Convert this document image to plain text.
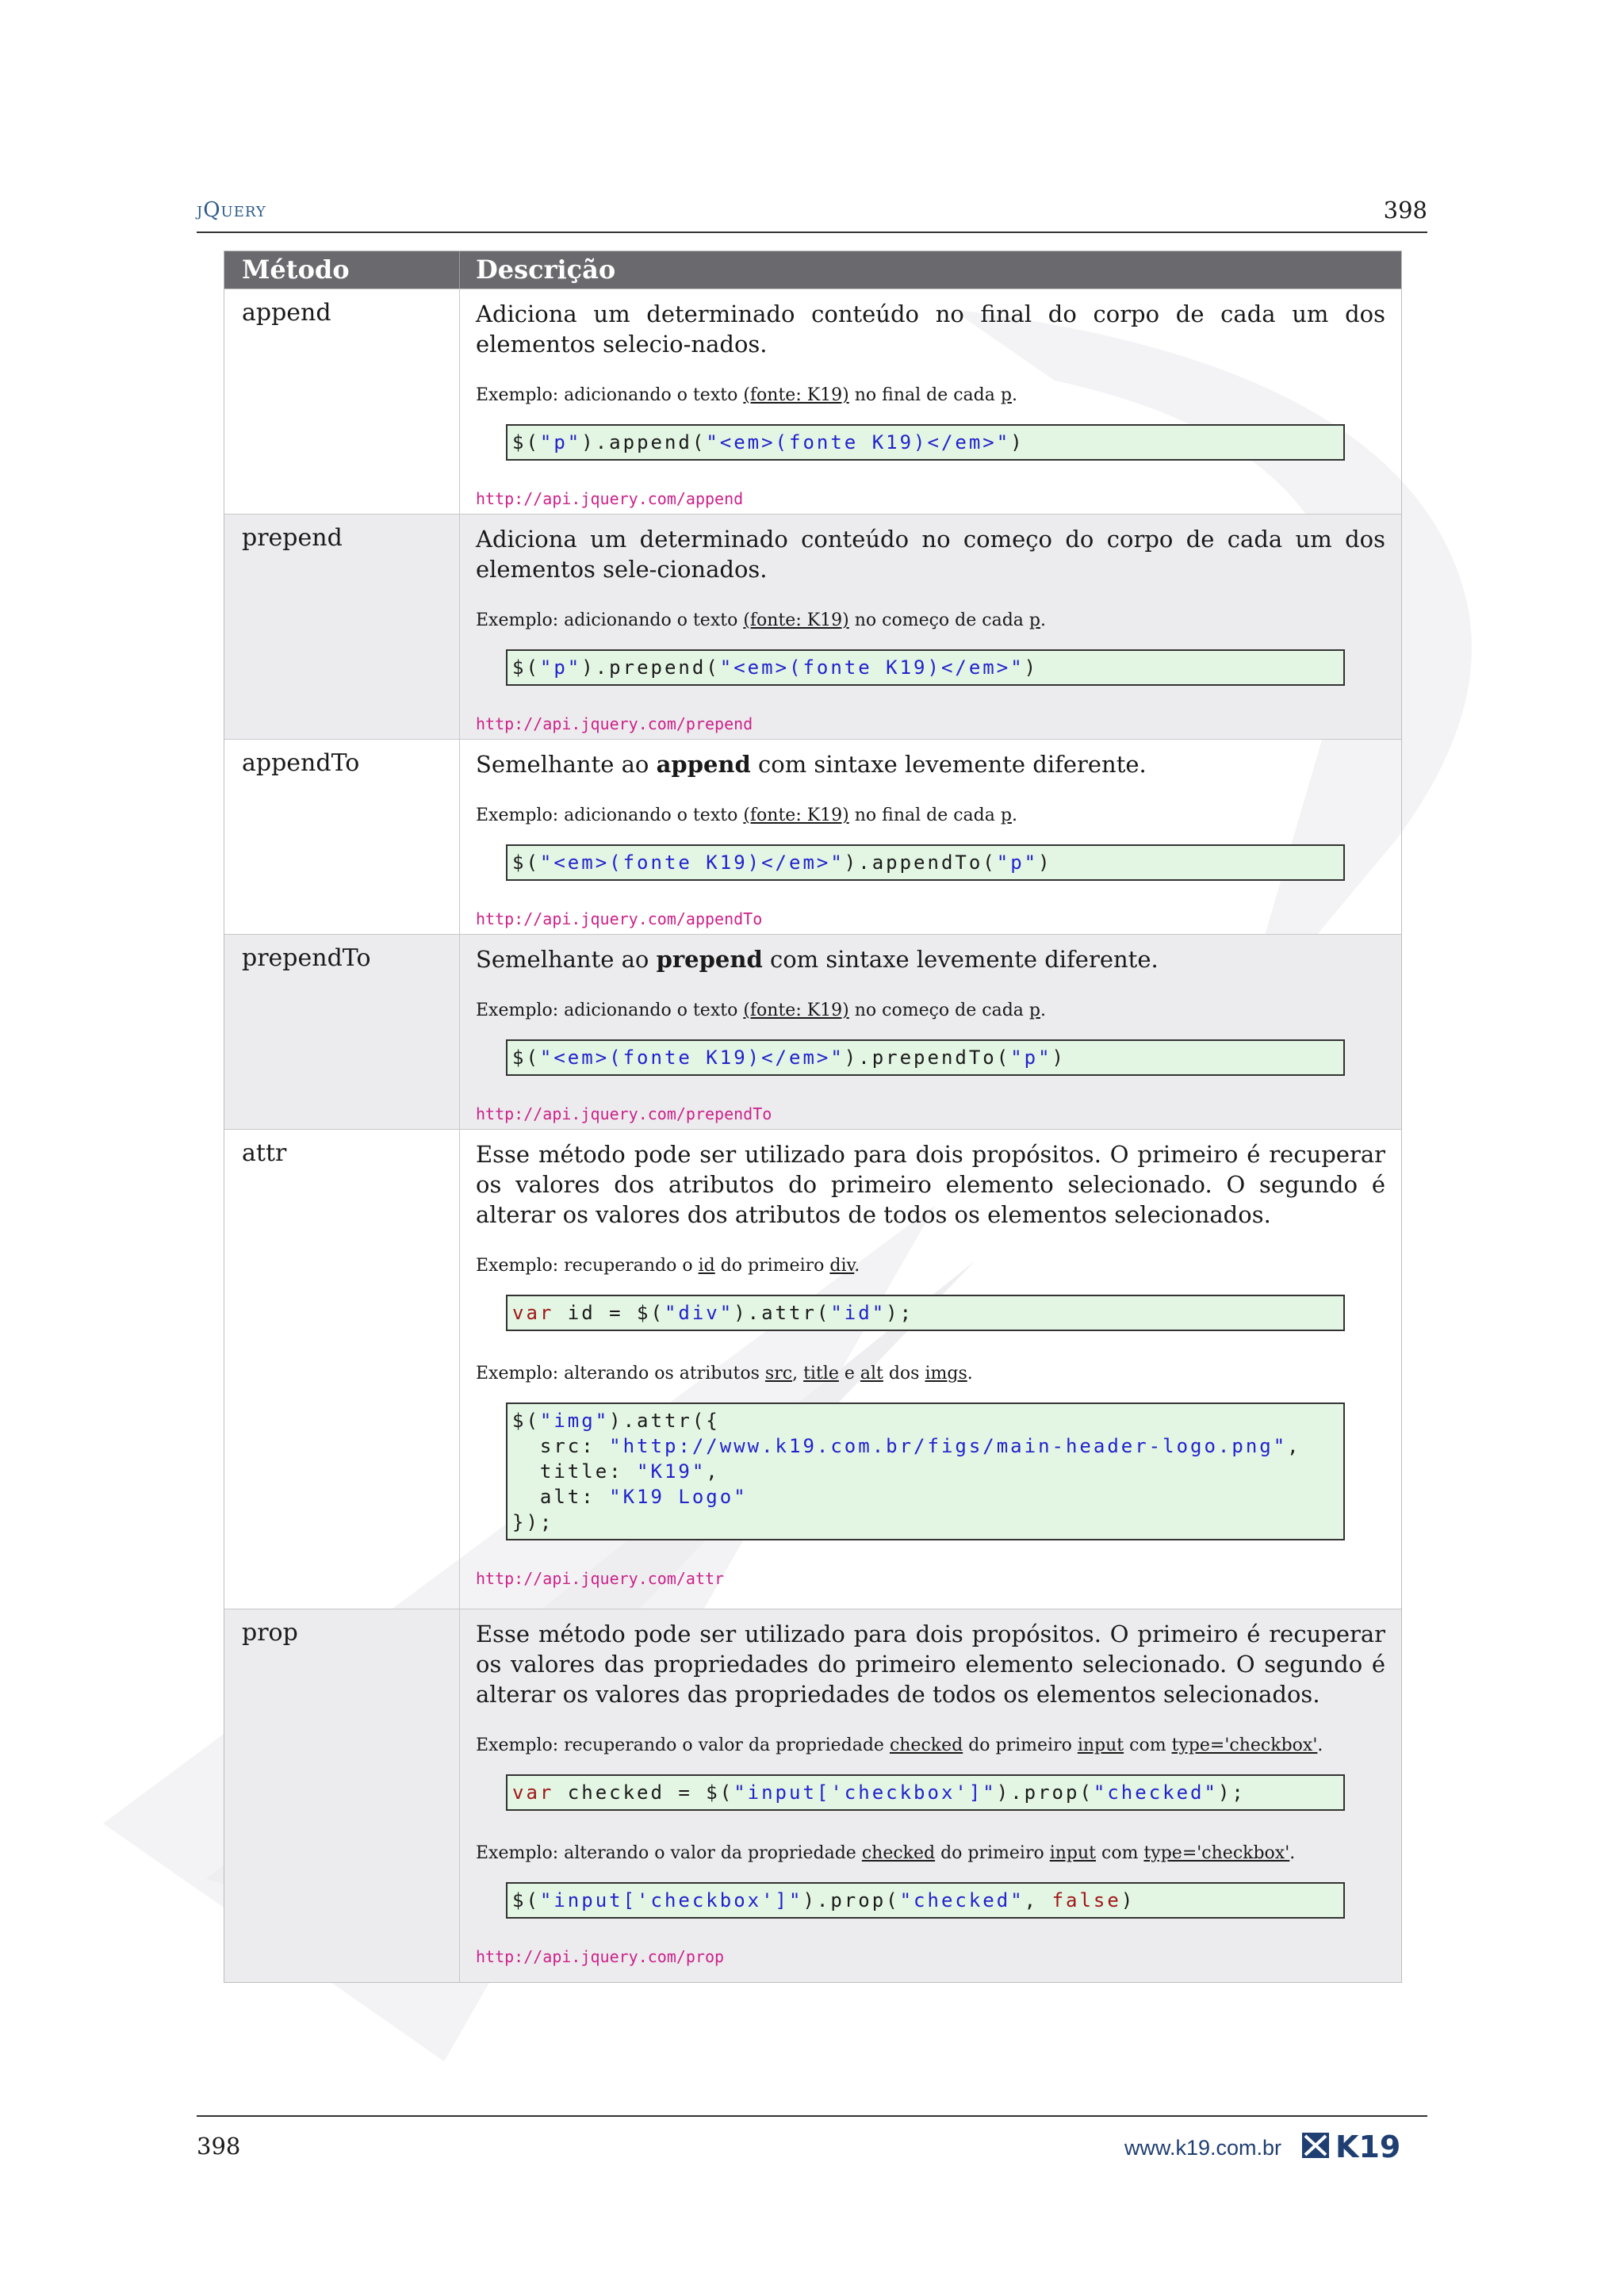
jQuery	398
Método	Descrição
append	Adiciona um determinado conteúdo no final do corpo de cada um dos elementos selecio-nados.
Exemplo: adicionando o texto (fonte: K19) no final de cada p.
$("p").append("<em>(fonte K19)</em>")
http://api.jquery.com/append
prepend	Adiciona um determinado conteúdo no começo do corpo de cada um dos elementos sele-cionados.
Exemplo: adicionando o texto (fonte: K19) no começo de cada p.
$("p").prepend("<em>(fonte K19)</em>")
http://api.jquery.com/prepend
appendTo	Semelhante ao append com sintaxe levemente diferente.
Exemplo: adicionando o texto (fonte: K19) no final de cada p.
$("<em>(fonte K19)</em>").appendTo("p")
http://api.jquery.com/appendTo
prependTo	Semelhante ao prepend com sintaxe levemente diferente.
Exemplo: adicionando o texto (fonte: K19) no começo de cada p.
$("<em>(fonte K19)</em>").prependTo("p")
http://api.jquery.com/prependTo
attr	Esse método pode ser utilizado para dois propósitos. O primeiro é recuperar os valores dos atributos do primeiro elemento selecionado. O segundo é alterar os valores dos atributos de todos os elementos selecionados.
Exemplo: recuperando o id do primeiro div.
var id = $("div").attr("id");
Exemplo: alterando os atributos src, title e alt dos imgs.
$("img").attr({
src: "http://www.k19.com.br/figs/main-header-logo.png",
title: "K19",
alt: "K19 Logo"
});
http://api.jquery.com/attr
prop	Esse método pode ser utilizado para dois propósitos. O primeiro é recuperar os valores das propriedades do primeiro elemento selecionado. O segundo é alterar os valores das propriedades de todos os elementos selecionados.
Exemplo: recuperando o valor da propriedade checked do primeiro input com type='checkbox'.
var checked = $("input['checkbox']").prop("checked");
Exemplo: alterando o valor da propriedade checked do primeiro input com type='checkbox'.
$("input['checkbox']").prop("checked", false)
http://api.jquery.com/prop
398	www.k19.com.br K19
